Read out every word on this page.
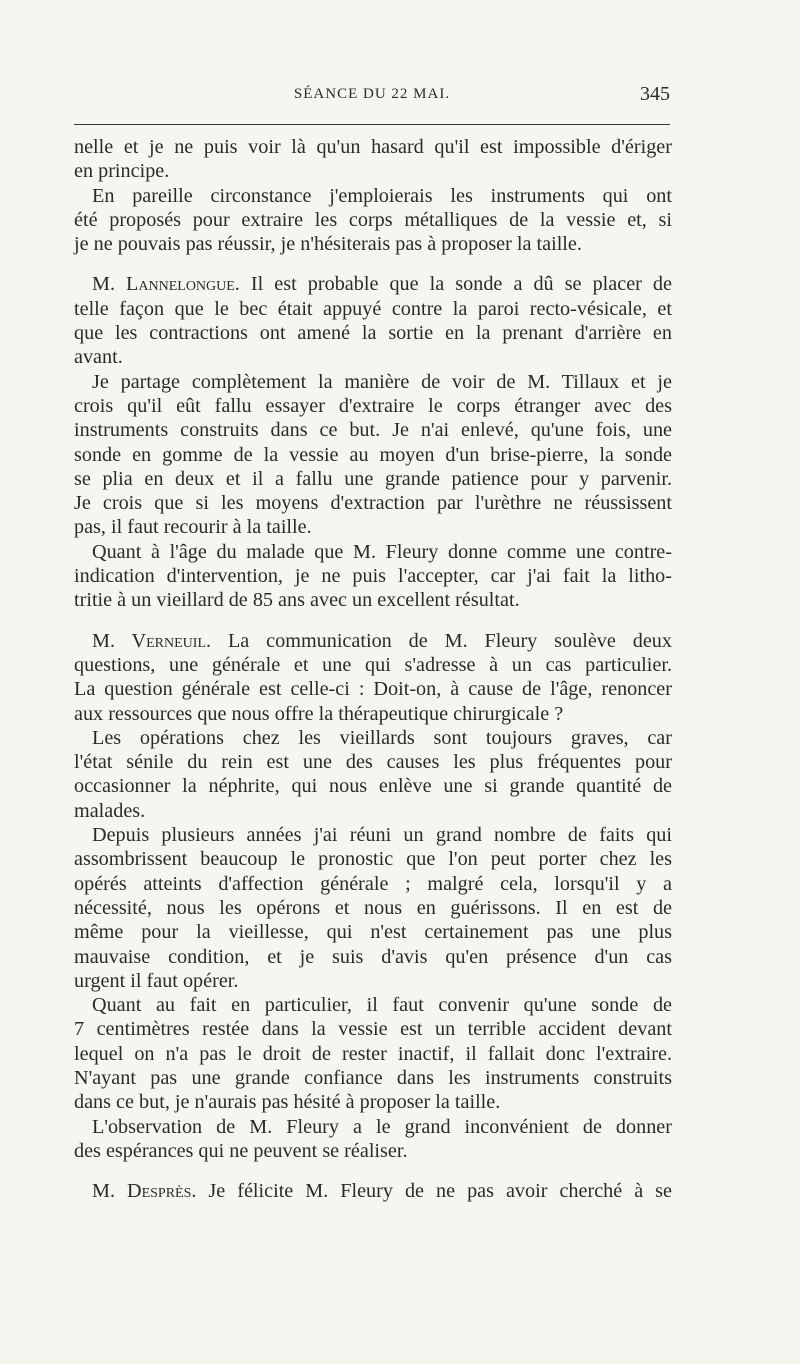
SÉANCE DU 22 MAI.	345
nelle et je ne puis voir là qu'un hasard qu'il est impossible d'ériger
en principe.
En pareille circonstance j'emploierais les instruments qui ont
été proposés pour extraire les corps métalliques de la vessie et, si
je ne pouvais pas réussir, je n'hésiterais pas à proposer la taille.
M. Lannelongue. Il est probable que la sonde a dû se placer de
telle façon que le bec était appuyé contre la paroi recto-vésicale, et
que les contractions ont amené la sortie en la prenant d'arrière en
avant.
Je partage complètement la manière de voir de M. Tillaux et je
crois qu'il eût fallu essayer d'extraire le corps étranger avec des
instruments construits dans ce but. Je n'ai enlevé, qu'une fois, une
sonde en gomme de la vessie au moyen d'un brise-pierre, la sonde
se plia en deux et il a fallu une grande patience pour y parvenir.
Je crois que si les moyens d'extraction par l'urèthre ne réussissent
pas, il faut recourir à la taille.
Quant à l'âge du malade que M. Fleury donne comme une contre-
indication d'intervention, je ne puis l'accepter, car j'ai fait la litho-
tritie à un vieillard de 85 ans avec un excellent résultat.
M. Verneuil. La communication de M. Fleury soulève deux
questions, une générale et une qui s'adresse à un cas particulier.
La question générale est celle-ci : Doit-on, à cause de l'âge, renoncer
aux ressources que nous offre la thérapeutique chirurgicale ?
Les opérations chez les vieillards sont toujours graves, car
l'état sénile du rein est une des causes les plus fréquentes pour
occasionner la néphrite, qui nous enlève une si grande quantité de
malades.
Depuis plusieurs années j'ai réuni un grand nombre de faits qui
assombrissent beaucoup le pronostic que l'on peut porter chez les
opérés atteints d'affection générale ; malgré cela, lorsqu'il y a
nécessité, nous les opérons et nous en guérissons. Il en est de
même pour la vieillesse, qui n'est certainement pas une plus
mauvaise condition, et je suis d'avis qu'en présence d'un cas
urgent il faut opérer.
Quant au fait en particulier, il faut convenir qu'une sonde de
7 centimètres restée dans la vessie est un terrible accident devant
lequel on n'a pas le droit de rester inactif, il fallait donc l'extraire.
N'ayant pas une grande confiance dans les instruments construits
dans ce but, je n'aurais pas hésité à proposer la taille.
L'observation de M. Fleury a le grand inconvénient de donner
des espérances qui ne peuvent se réaliser.
M. Desprès. Je félicite M. Fleury de ne pas avoir cherché à se
